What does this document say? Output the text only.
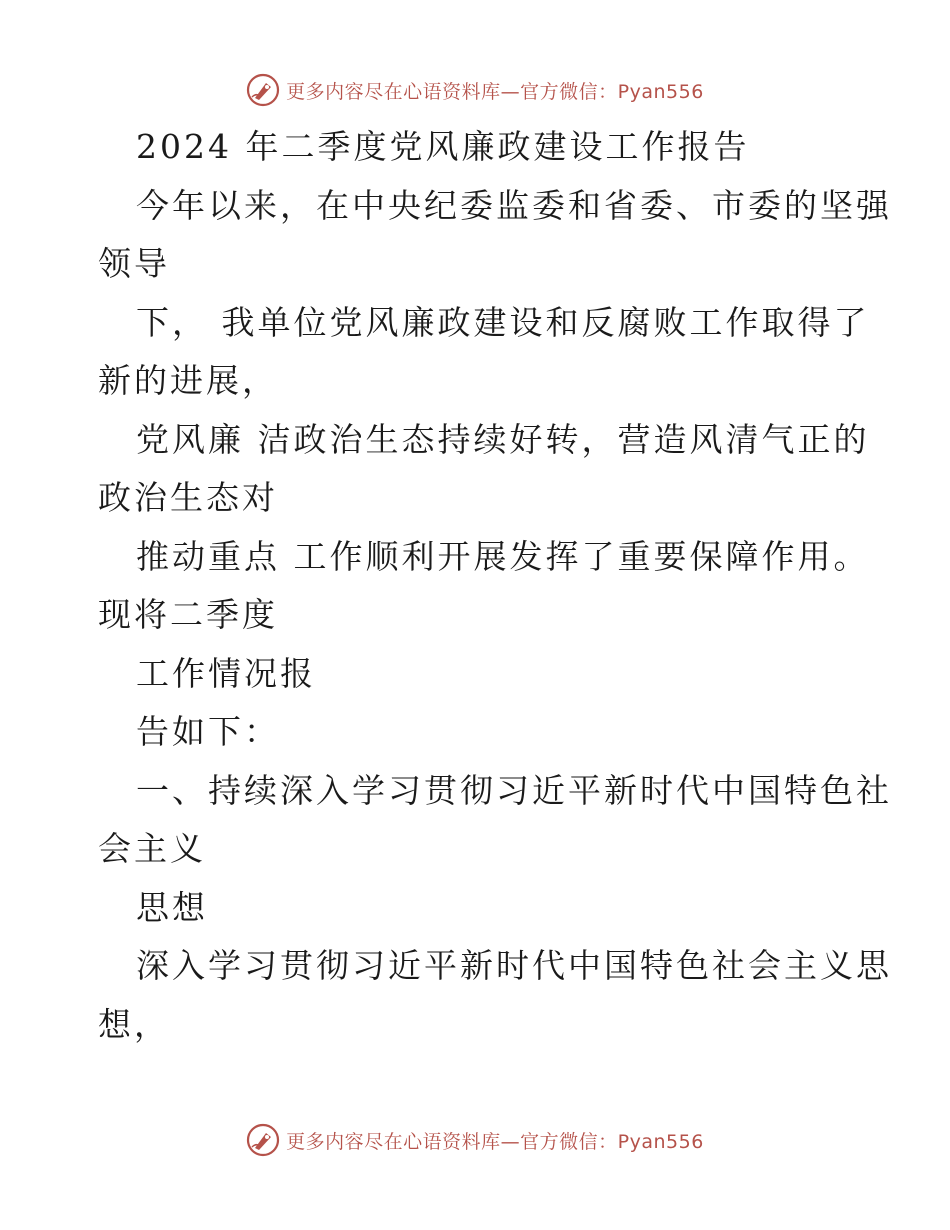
更多内容尽在心语资料库—官方微信：Pyan556
2024 年二季度党风廉政建设工作报告
今年以来，在中央纪委监委和省委、市委的坚强
领导
下， 我单位党风廉政建设和反腐败工作取得了
新的进展，
党风廉 洁政治生态持续好转，营造风清气正的
政治生态对
推动重点 工作顺利开展发挥了重要保障作用。
现将二季度
工作情况报
告如下：
一、持续深入学习贯彻习近平新时代中国特色社
会主义
思想
深入学习贯彻习近平新时代中国特色社会主义思
想，
更多内容尽在心语资料库—官方微信：Pyan556
